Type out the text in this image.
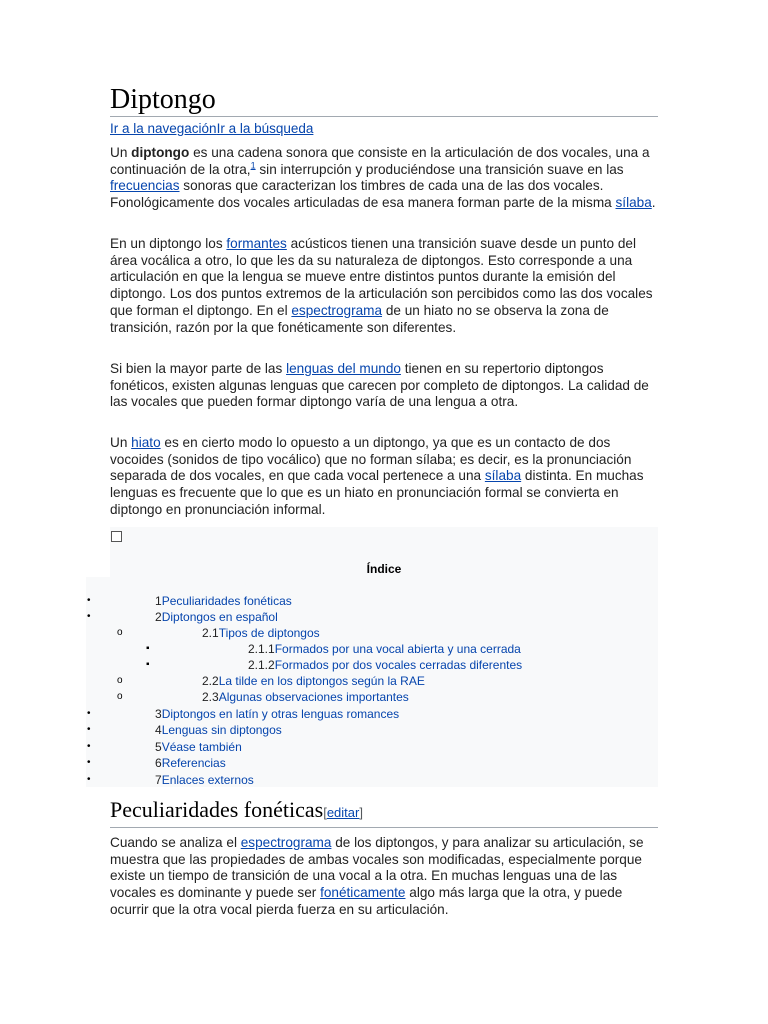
Diptongo
Ir a la navegaciónIr a la búsqueda

Un diptongo es una cadena sonora que consiste en la articulación de dos vocales, una a continuación de la otra,$^1$ sin interrupción y produciéndose una transición suave en las frecuencias sonoras que caracterizan los timbres de cada una de las dos vocales. Fonológicamente dos vocales articuladas de esa manera forman parte de la misma sílaba.

En un diptongo los formantes acústicos tienen una transición suave desde un punto del área vocálica a otro, lo que les da su naturaleza de diptongos. Esto corresponde a una articulación en que la lengua se mueve entre distintos puntos durante la emisión del diptongo. Los dos puntos extremos de la articulación son percibidos como las dos vocales que forman el diptongo. En el espectrograma de un hiato no se observa la zona de transición, razón por la que fonéticamente son diferentes.

Si bien la mayor parte de las lenguas del mundo tienen en su repertorio diptongos fonéticos, existen algunas lenguas que carecen por completo de diptongos. La calidad de las vocales que pueden formar diptongo varía de una lengua a otra.

Un hiato es en cierto modo lo opuesto a un diptongo, ya que es un contacto de dos vocoides (sonidos de tipo vocálico) que no forman sílaba; es decir, es la pronunciación separada de dos vocales, en que cada vocal pertenece a una sílaba distinta. En muchas lenguas es frecuente que lo que es un hiato en pronunciación formal se convierta en diptongo en pronunciación informal.

Índice
•	1Peculiaridades fonéticas
•	2Diptongos en español
o	2.1Tipos de diptongos
▪	2.1.1Formados por una vocal abierta y una cerrada
▪	2.1.2Formados por dos vocales cerradas diferentes
o	2.2La tilde en los diptongos según la RAE
o	2.3Algunas observaciones importantes
•	3Diptongos en latín y otras lenguas romances
•	4Lenguas sin diptongos
•	5Véase también
•	6Referencias
•	7Enlaces externos
Peculiaridades fonéticas[editar]

Cuando se analiza el espectrograma de los diptongos, y para analizar su articulación, se muestra que las propiedades de ambas vocales son modificadas, especialmente porque existe un tiempo de transición de una vocal a la otra. En muchas lenguas una de las vocales es dominante y puede ser fonéticamente algo más larga que la otra, y puede ocurrir que la otra vocal pierda fuerza en su articulación.
